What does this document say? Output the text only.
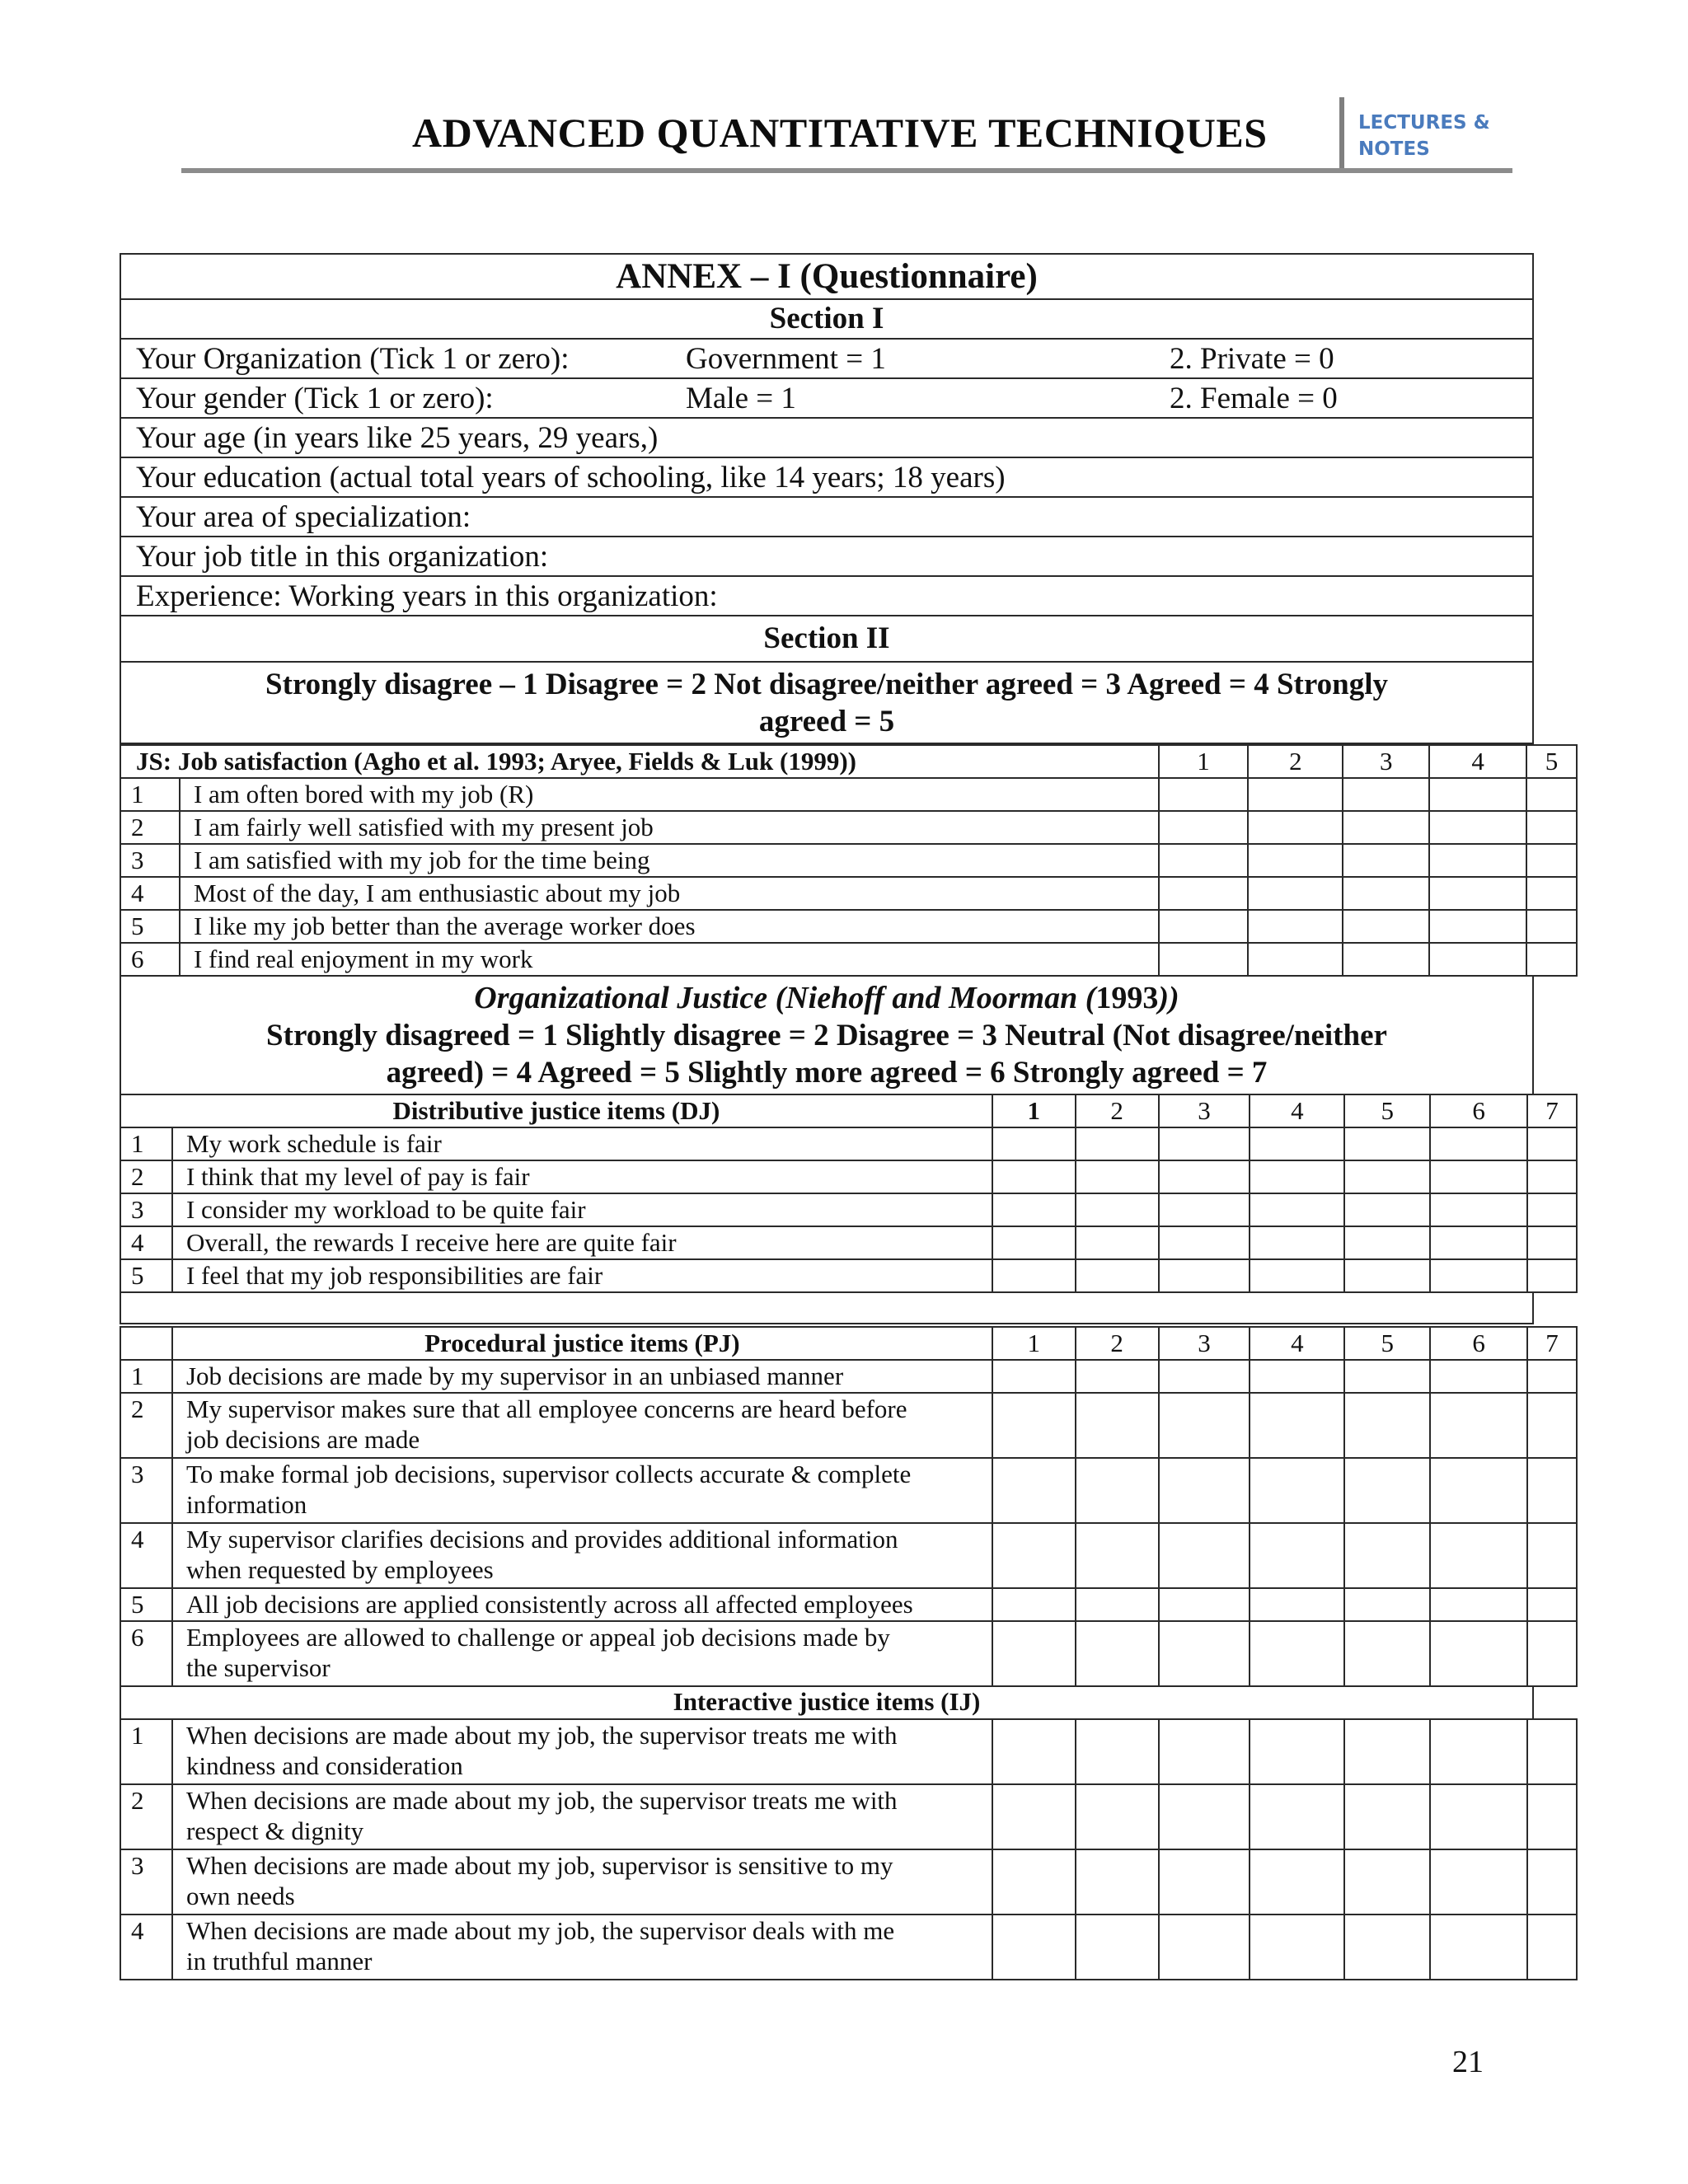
ADVANCED QUANTITATIVE TECHNIQUES	LECTURES &
NOTES
ANNEX – I (Questionnaire)
Section I
Your Organization (Tick 1 or zero):	Government = 1	2. Private = 0
Your gender (Tick 1 or zero):	Male = 1	2. Female = 0
Your age (in years like 25 years, 29 years,)
Your education (actual total years of schooling, like 14 years; 18 years)
Your area of specialization:
Your job title in this organization:
Experience: Working years in this organization:
Section II
Strongly disagree – 1 Disagree = 2 Not disagree/neither agreed = 3 Agreed = 4 Strongly
agreed = 5
JS: Job satisfaction (Agho et al. 1993; Aryee, Fields & Luk (1999))		1	2	3	4	5
1	I am often bored with my job (R)					
2	I am fairly well satisfied with my present job					
3	I am satisfied with my job for the time being					
4	Most of the day, I am enthusiastic about my job					
5	I like my job better than the average worker does					
6	I find real enjoyment in my work					
Organizational Justice (Niehoff and Moorman (1993))
Strongly disagreed = 1 Slightly disagree = 2 Disagree = 3 Neutral (Not disagree/neither
agreed) = 4 Agreed = 5 Slightly more agreed = 6 Strongly agreed = 7
Distributive justice items (DJ)		1	2	3	4	5	6	7
1	My work schedule is fair							
2	I think that my level of pay is fair							
3	I consider my workload to be quite fair							
4	Overall, the rewards I receive here are quite fair							
5	I feel that my job responsibilities are fair							
	Procedural justice items (PJ)	1	2	3	4	5	6	7
1	Job decisions are made by my supervisor in an unbiased manner							

2	My supervisor makes sure that all employee concerns are heard before
job decisions are made							

3	To make formal job decisions, supervisor collects accurate & complete
information							

4	My supervisor clarifies decisions and provides additional information
when requested by employees							

5	All job decisions are applied consistently across all affected employees							

6	Employees are allowed to challenge or appeal job decisions made by
the supervisor							

Interactive justice items (IJ)
1	When decisions are made about my job, the supervisor treats me with
kindness and consideration							

2	When decisions are made about my job, the supervisor treats me with
respect & dignity							

3	When decisions are made about my job, supervisor is sensitive to my
own needs							

4	When decisions are made about my job, the supervisor deals with me
in truthful manner							

21
